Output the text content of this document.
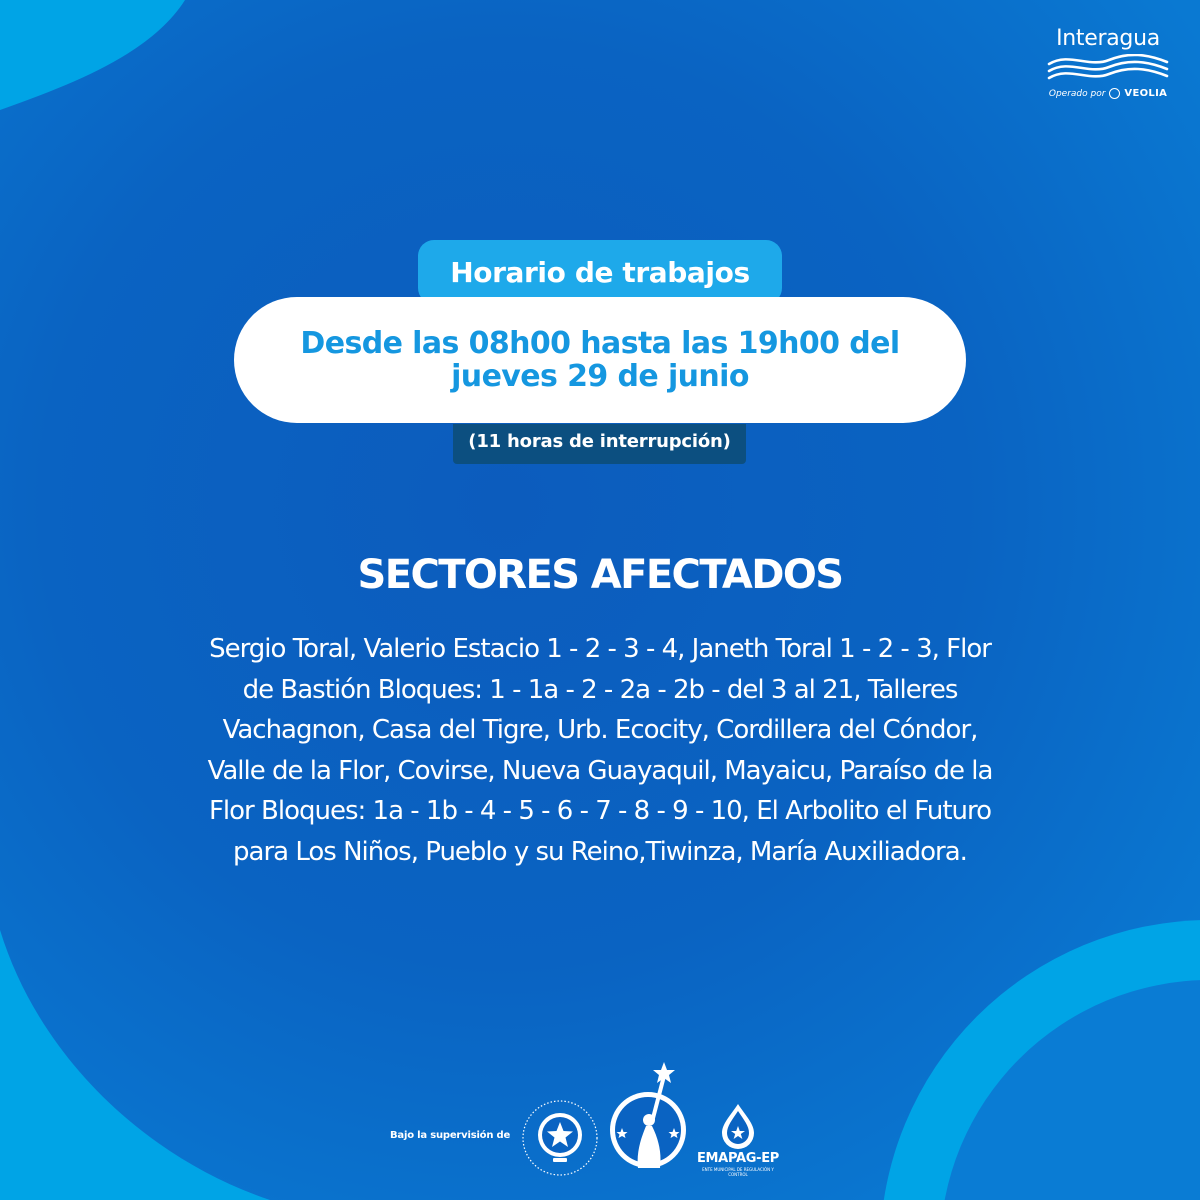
Interagua
Operado por VEOLIA
Horario de trabajos
Desde las 08h00 hasta las 19h00 del
jueves 29 de junio
(11 horas de interrupción)
SECTORES AFECTADOS
Sergio Toral, Valerio Estacio 1 - 2 - 3 - 4, Janeth Toral 1 - 2 - 3, Flor
de Bastión Bloques: 1 - 1a - 2 - 2a - 2b - del 3 al 21, Talleres
Vachagnon, Casa del Tigre, Urb. Ecocity, Cordillera del Cóndor,
Valle de la Flor, Covirse, Nueva Guayaquil, Mayaicu, Paraíso de la
Flor Bloques: 1a - 1b - 4 - 5 - 6 - 7 - 8 - 9 - 10, El Arbolito el Futuro
para Los Niños, Pueblo y su Reino,Tiwinza, María Auxiliadora.
Bajo la supervisión de
EMAPAG-EP
ENTE MUNICIPAL DE REGULACIÓN Y CONTROL
